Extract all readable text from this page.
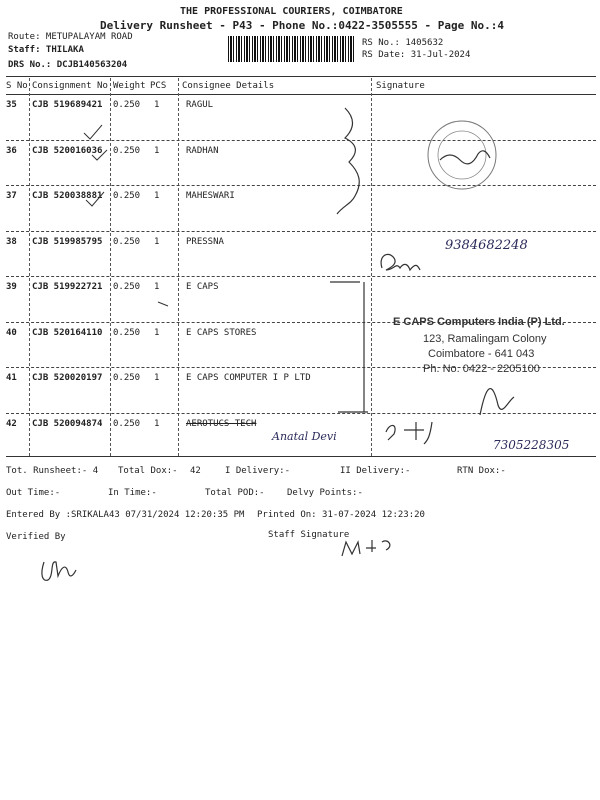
THE PROFESSIONAL COURIERS, COIMBATORE
Delivery Runsheet - P43 - Phone No.:0422-3505555 - Page No.:4
Route: METUPALAYAM ROAD
Staff: THILAKA
DRS No.: DCJB140563204
RS No.: 1405632
RS Date: 31-Jul-2024
S No Consignment No Weight PCS Consignee Details	Signature
35 CJB 519689421 0.250 1	RAGUL
36 CJB 520016036 0.250 1	RADHAN
37 CJB 520038881 0.250 1	MAHESWARI
38 CJB 519985795 0.250 1	PRESSNA
39 CJB 519922721 0.250 1	E CAPS
40 CJB 520164110 0.250 1	E CAPS STORES
41 CJB 520020197 0.250 1	E CAPS COMPUTER I P LTD
42 CJB 520094874 0.250 1	AEROTUCS TECH
Tot. Runsheet:- 4 Total Dox:- 42	I Delivery:-	II Delivery:-	RTN Dox:-
Out Time:-	In Time:-	Total POD:- Delvy Points:-
Entered By :SRIKALA43 07/31/2024 12:20:35 PM Printed On: 31-07-2024 12:23:20
Verified By	Staff Signature
9384682248
E CAPS Computers India (P) Ltd.
123, Ramalingam Colony
Coimbatore - 641 043
Ph. No. 0422 - 2205100
Anatal Devi
7305228305
